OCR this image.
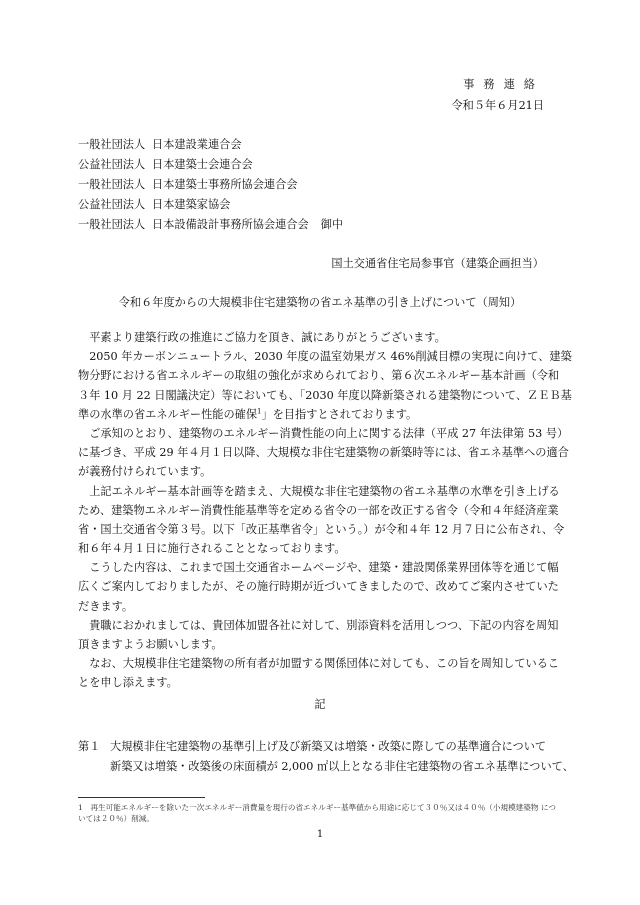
事務連絡
令和５年６月21日
一般社団法人 日本建設業連合会
公益社団法人 日本建築士会連合会
一般社団法人 日本建築士事務所協会連合会
公益社団法人 日本建築家協会
一般社団法人 日本設備設計事務所協会連合会 御中
国土交通省住宅局参事官（建築企画担当）
令和６年度からの大規模非住宅建築物の省エネ基準の引き上げについて（周知）
　平素より建築行政の推進にご協力を頂き、誠にありがとうございます。
　2050 年カーボンニュートラル、2030 年度の温室効果ガス 46%削減目標の実現に向けて、建築
物分野における省エネルギーの取組の強化が求められており、第６次エネルギー基本計画（令和
３年 10 月 22 日閣議決定）等においても、「2030 年度以降新築される建築物について、ＺＥＢ基
準の水準の省エネルギー性能の確保$^1$」を目指すとされております。
　ご承知のとおり、建築物のエネルギー消費性能の向上に関する法律（平成 27 年法律第 53 号）
に基づき、平成 29 年４月１日以降、大規模な非住宅建築物の新築時等には、省エネ基準への適合
が義務付けられています。
　上記エネルギー基本計画等を踏まえ、大規模な非住宅建築物の省エネ基準の水準を引き上げる
ため、建築物エネルギー消費性能基準等を定める省令の一部を改正する省令（令和４年経済産業
省・国土交通省令第３号。以下「改正基準省令」という。）が令和４年 12 月７日に公布され、令
和６年４月１日に施行されることとなっております。
　こうした内容は、これまで国土交通省ホームページや、建築・建設関係業界団体等を通じて幅
広くご案内しておりましたが、その施行時期が近づいてきましたので、改めてご案内させていた
だきます。
　貴職におかれましては、貴団体加盟各社に対して、別添資料を活用しつつ、下記の内容を周知
頂きますようお願いします。
　なお、大規模非住宅建築物の所有者が加盟する関係団体に対しても、この旨を周知しているこ
とを申し添えます。
記
第１ 大規模非住宅建築物の基準引上げ及び新築又は増築・改築に際しての基準適合について
新築又は増築・改築後の床面積が 2,000 ㎡以上となる非住宅建築物の省エネ基準について、
1　 再生可能エネルギーを除いた一次エネルギー消費量を現行の省エネルギー基準値から用途に応じて３０％又は４０％（小規模建築物 については２０％）削減。
1
